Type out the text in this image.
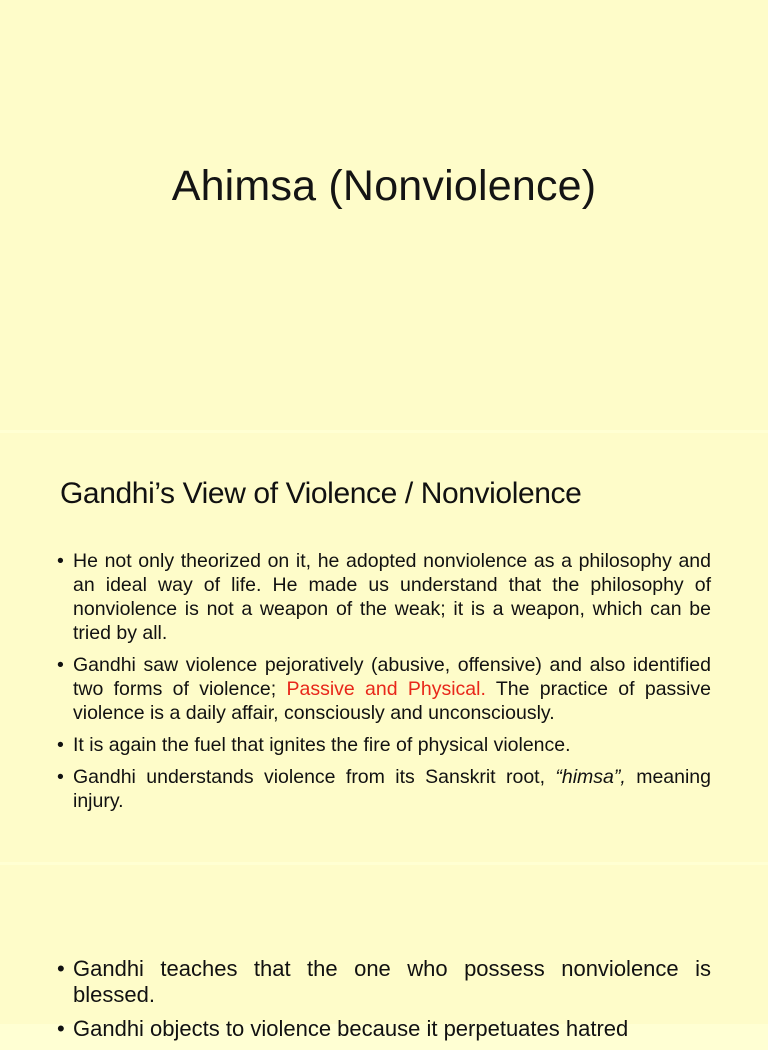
Ahimsa (Nonviolence)
Gandhi’s View of Violence / Nonviolence
• He not only theorized on it, he adopted nonviolence as a philosophy and an ideal way of life. He made us understand that the philosophy of nonviolence is not a weapon of the weak; it is a weapon, which can be tried by all.
• Gandhi saw violence pejoratively (abusive, offensive) and also identified two forms of violence; Passive and Physical. The practice of passive violence is a daily affair, consciously and unconsciously.
• It is again the fuel that ignites the fire of physical violence.
• Gandhi understands violence from its Sanskrit root, “himsa”, meaning injury.
• Gandhi teaches that the one who possess nonviolence is blessed.
• Gandhi objects to violence because it perpetuates hatred
